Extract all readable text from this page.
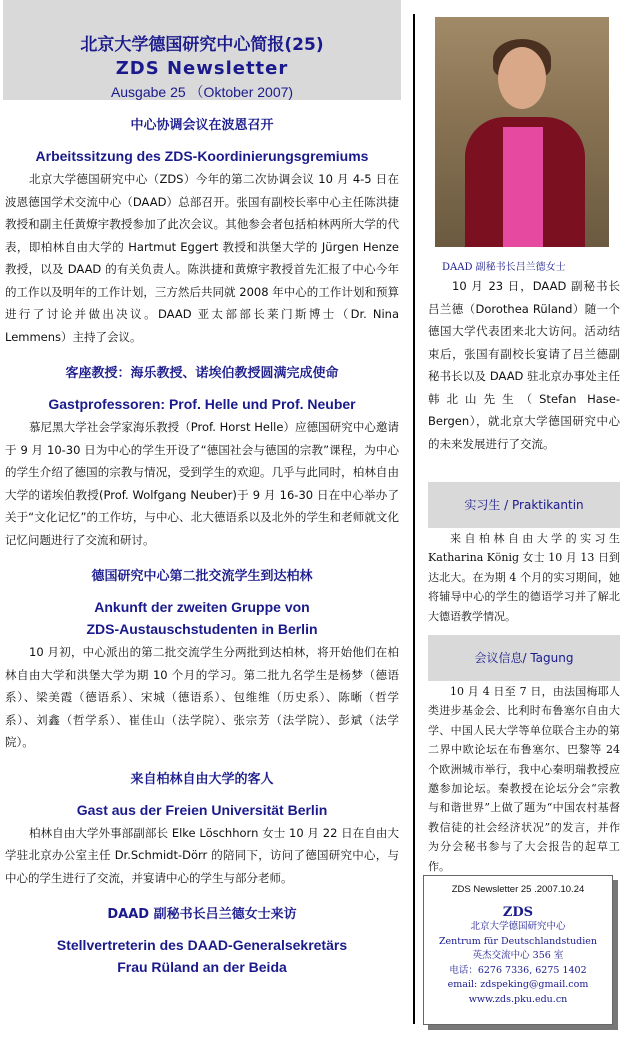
北京大学德国研究中心简报(25)
ZDS Newsletter
Ausgabe 25 （Oktober 2007)
中心协调会议在波恩召开
Arbeitssitzung des ZDS-Koordinierungsgremiums
北京大学德国研究中心（ZDS）今年的第二次协调会议 10 月 4-5 日在波恩德国学术交流中心（DAAD）总部召开。张国有副校长率中心主任陈洪捷教授和副主任黄燎宇教授参加了此次会议。其他参会者包括柏林两所大学的代表，即柏林自由大学的 Hartmut Eggert 教授和洪堡大学的 Jürgen Henze 教授，以及 DAAD 的有关负责人。陈洪捷和黄燎宇教授首先汇报了中心今年的工作以及明年的工作计划，三方然后共同就 2008 年中心的工作计划和预算进行了讨论并做出决议。DAAD 亚太部部长莱门斯博士（Dr. Nina Lemmens）主持了会议。
客座教授：海乐教授、诺埃伯教授圆满完成使命
Gastprofessoren: Prof. Helle und Prof. Neuber
慕尼黑大学社会学家海乐教授（Prof. Horst Helle）应德国研究中心邀请于 9 月 10-30 日为中心的学生开设了“德国社会与德国的宗教”课程，为中心的学生介绍了德国的宗教与情况，受到学生的欢迎。几乎与此同时，柏林自由大学的诺埃伯教授(Prof. Wolfgang Neuber)于 9 月 16-30 日在中心举办了关于“文化记忆”的工作坊，与中心、北大德语系以及北外的学生和老师就文化记忆问题进行了交流和研讨。
德国研究中心第二批交流学生到达柏林
Ankunft der zweiten Gruppe von
ZDS-Austauschstudenten in Berlin
10 月初，中心派出的第二批交流学生分两批到达柏林，将开始他们在柏林自由大学和洪堡大学为期 10 个月的学习。第二批九名学生是杨梦（德语系）、梁美霞（德语系）、宋城（德语系）、包维维（历史系）、陈晰（哲学系）、刘鑫（哲学系）、崔佳山（法学院）、张宗芳（法学院）、彭斌（法学院）。
来自柏林自由大学的客人
Gast aus der Freien Universität Berlin
柏林自由大学外事部副部长 Elke Löschhorn 女士 10 月 22 日在自由大学驻北京办公室主任 Dr.Schmidt-Dörr 的陪同下，访问了德国研究中心，与中心的学生进行了交流，并宴请中心的学生与部分老师。
DAAD 副秘书长吕兰德女士来访
Stellvertreterin des DAAD-Generalsekretärs
Frau Rüland an der Beida
DAAD 副秘书长吕兰德女士
10 月 23 日，DAAD 副秘书长吕兰德（Dorothea Rüland）随一个德国大学代表团来北大访问。活动结束后，张国有副校长宴请了吕兰德副秘书长以及 DAAD 驻北京办事处主任韩北山先生（Stefan Hase-Bergen），就北京大学德国研究中心的未来发展进行了交流。
实习生 / Praktikantin
来自柏林自由大学的实习生 Katharina König 女士 10 月 13 日到达北大。在为期 4 个月的实习期间，她将辅导中心的学生的德语学习并了解北大德语教学情况。
会议信息/ Tagung
10 月 4 日至 7 日，由法国梅耶人类进步基金会、比利时布鲁塞尔自由大学、中国人民大学等单位联合主办的第二界中欧论坛在布鲁塞尔、巴黎等 24 个欧洲城市举行，我中心秦明瑞教授应邀参加论坛。秦教授在论坛分会“宗教与和谐世界”上做了题为“中国农村基督教信徒的社会经济状况”的发言，并作为分会秘书参与了大会报告的起草工作。
ZDS Newsletter 25 .2007.10.24
ZDS
北京大学德国研究中心
Zentrum für Deutschlandstudien
英杰交流中心 356 室
电话：6276 7336, 6275 1402
email: zdspeking@gmail.com
www.zds.pku.edu.cn
